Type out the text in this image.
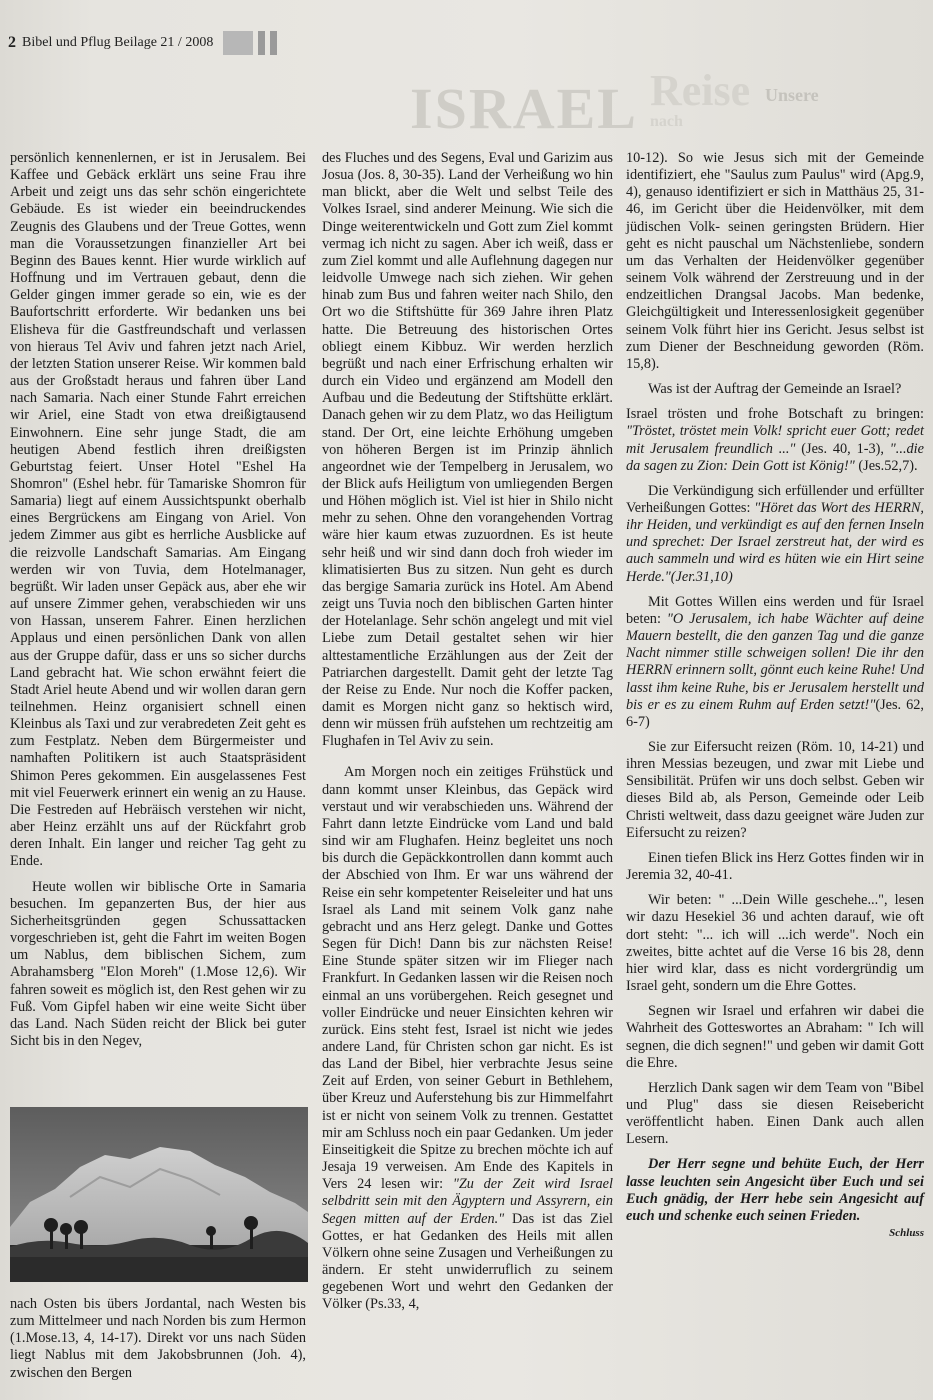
2 Bibel und Pflug Beilage 21 / 2008
ISRAEL Reise Unsere
nach

persönlich kennenlernen, er ist in Jerusalem. Bei Kaffee und Gebäck erklärt uns seine Frau ihre Arbeit und zeigt uns das sehr schön eingerichtete Gebäude. Es ist wieder ein beeindruckendes Zeugnis des Glaubens und der Treue Gottes, wenn man die Voraussetzungen finanzieller Art bei Beginn des Baues kennt. Hier wurde wirklich auf Hoffnung und im Vertrauen gebaut, denn die Gelder gingen immer gerade so ein, wie es der Baufortschritt erforderte. Wir bedanken uns bei Elisheva für die Gastfreundschaft und verlassen von hieraus Tel Aviv und fahren jetzt nach Ariel, der letzten Station unserer Reise. Wir kommen bald aus der Großstadt heraus und fahren über Land nach Samaria. Nach einer Stunde Fahrt erreichen wir Ariel, eine Stadt von etwa dreißigtausend Einwohnern. Eine sehr junge Stadt, die am heutigen Abend festlich ihren dreißigsten Geburtstag feiert. Unser Hotel "Eshel Ha Shomron" (Eshel hebr. für Tamariske Shomron für Samaria) liegt auf einem Aussichtspunkt oberhalb eines Bergrückens am Eingang von Ariel. Von jedem Zimmer aus gibt es herrliche Ausblicke auf die reizvolle Landschaft Samarias. Am Eingang werden wir von Tuvia, dem Hotelmanager, begrüßt. Wir laden unser Gepäck aus, aber ehe wir auf unsere Zimmer gehen, verabschieden wir uns von Hassan, unserem Fahrer. Einen herzlichen Applaus und einen persönlichen Dank von allen aus der Gruppe dafür, dass er uns so sicher durchs Land gebracht hat. Wie schon erwähnt feiert die Stadt Ariel heute Abend und wir wollen daran gern teilnehmen. Heinz organisiert schnell einen Kleinbus als Taxi und zur verabredeten Zeit geht es zum Festplatz. Neben dem Bürgermeister und namhaften Politikern ist auch Staatspräsident Shimon Peres gekommen. Ein ausgelassenes Fest mit viel Feuerwerk erinnert ein wenig an zu Hause. Die Festreden auf Hebräisch verstehen wir nicht, aber Heinz erzählt uns auf der Rückfahrt grob deren Inhalt. Ein langer und reicher Tag geht zu Ende.

Heute wollen wir biblische Orte in Samaria besuchen. Im gepanzerten Bus, der hier aus Sicherheitsgründen gegen Schussattacken vorgeschrieben ist, geht die Fahrt im weiten Bogen um Nablus, dem biblischen Sichem, zum Abrahamsberg "Elon Moreh" (1.Mose 12,6). Wir fahren soweit es möglich ist, den Rest gehen wir zu Fuß. Vom Gipfel haben wir eine weite Sicht über das Land. Nach Süden reicht der Blick bei guter Sicht bis in den Negev,

nach Osten bis übers Jordantal, nach Westen bis zum Mittelmeer und nach Norden bis zum Hermon (1.Mose.13, 4, 14-17). Direkt vor uns nach Süden liegt Nablus mit dem Jakobsbrunnen (Joh. 4), zwischen den Bergen

des Fluches und des Segens, Eval und Garizim aus Josua (Jos. 8, 30-35). Land der Verheißung wo hin man blickt, aber die Welt und selbst Teile des Volkes Israel, sind anderer Meinung. Wie sich die Dinge weiterentwickeln und Gott zum Ziel kommt vermag ich nicht zu sagen. Aber ich weiß, dass er zum Ziel kommt und alle Auflehnung dagegen nur leidvolle Umwege nach sich ziehen. Wir gehen hinab zum Bus und fahren weiter nach Shilo, den Ort wo die Stiftshütte für 369 Jahre ihren Platz hatte. Die Betreuung des historischen Ortes obliegt einem Kibbuz. Wir werden herzlich begrüßt und nach einer Erfrischung erhalten wir durch ein Video und ergänzend am Modell den Aufbau und die Bedeutung der Stiftshütte erklärt. Danach gehen wir zu dem Platz, wo das Heiligtum stand. Der Ort, eine leichte Erhöhung umgeben von höheren Bergen ist im Prinzip ähnlich angeordnet wie der Tempelberg in Jerusalem, wo der Blick aufs Heiligtum von umliegenden Bergen und Höhen möglich ist. Viel ist hier in Shilo nicht mehr zu sehen. Ohne den vorangehenden Vortrag wäre hier kaum etwas zuzuordnen. Es ist heute sehr heiß und wir sind dann doch froh wieder im klimatisierten Bus zu sitzen. Nun geht es durch das bergige Samaria zurück ins Hotel. Am Abend zeigt uns Tuvia noch den biblischen Garten hinter der Hotelanlage. Sehr schön angelegt und mit viel Liebe zum Detail gestaltet sehen wir hier alttestamentliche Erzählungen aus der Zeit der Patriarchen dargestellt. Damit geht der letzte Tag der Reise zu Ende. Nur noch die Koffer packen, damit es Morgen nicht ganz so hektisch wird, denn wir müssen früh aufstehen um rechtzeitig am Flughafen in Tel Aviv zu sein.

Am Morgen noch ein zeitiges Frühstück und dann kommt unser Kleinbus, das Gepäck wird verstaut und wir verabschieden uns. Während der Fahrt dann letzte Eindrücke vom Land und bald sind wir am Flughafen. Heinz begleitet uns noch bis durch die Gepäckkontrollen dann kommt auch der Abschied von Ihm. Er war uns während der Reise ein sehr kompetenter Reiseleiter und hat uns Israel als Land mit seinem Volk ganz nahe gebracht und ans Herz gelegt. Danke und Gottes Segen für Dich! Dann bis zur nächsten Reise! Eine Stunde später sitzen wir im Flieger nach Frankfurt. In Gedanken lassen wir die Reisen noch einmal an uns vorübergehen. Reich gesegnet und voller Eindrücke und neuer Einsichten kehren wir zurück. Eins steht fest, Israel ist nicht wie jedes andere Land, für Christen schon gar nicht. Es ist das Land der Bibel, hier verbrachte Jesus seine Zeit auf Erden, von seiner Geburt in Bethlehem, über Kreuz und Auferstehung bis zur Himmelfahrt ist er nicht von seinem Volk zu trennen. Gestattet mir am Schluss noch ein paar Gedanken. Um jeder Einseitigkeit die Spitze zu brechen möchte ich auf Jesaja 19 verweisen. Am Ende des Kapitels in Vers 24 lesen wir: "Zu der Zeit wird Israel selbdritt sein mit den Ägyptern und Assyrern, ein Segen mitten auf der Erden." Das ist das Ziel Gottes, er hat Gedanken des Heils mit allen Völkern ohne seine Zusagen und Verheißungen zu ändern. Er steht unwiderruflich zu seinem gegebenen Wort und wehrt den Gedanken der Völker (Ps.33, 4,

10-12). So wie Jesus sich mit der Gemeinde identifiziert, ehe "Saulus zum Paulus" wird (Apg.9, 4), genauso identifiziert er sich in Matthäus 25, 31-46, im Gericht über die Heidenvölker, mit dem jüdischen Volk- seinen geringsten Brüdern. Hier geht es nicht pauschal um Nächstenliebe, sondern um das Verhalten der Heidenvölker gegenüber seinem Volk während der Zerstreuung und in der endzeitlichen Drangsal Jacobs. Man bedenke, Gleichgültigkeit und Interessenlosigkeit gegenüber seinem Volk führt hier ins Gericht. Jesus selbst ist zum Diener der Beschneidung geworden (Röm. 15,8).

Was ist der Auftrag der Gemeinde an Israel?

Israel trösten und frohe Botschaft zu bringen: "Tröstet, tröstet mein Volk! spricht euer Gott; redet mit Jerusalem freundlich ..." (Jes. 40, 1-3), "...die da sagen zu Zion: Dein Gott ist König!" (Jes.52,7).

Die Verkündigung sich erfüllender und erfüllter Verheißungen Gottes: "Höret das Wort des HERRN, ihr Heiden, und verkündigt es auf den fernen Inseln und sprechet: Der Israel zerstreut hat, der wird es auch sammeln und wird es hüten wie ein Hirt seine Herde."(Jer.31,10)

Mit Gottes Willen eins werden und für Israel beten: "O Jerusalem, ich habe Wächter auf deine Mauern bestellt, die den ganzen Tag und die ganze Nacht nimmer stille schweigen sollen! Die ihr den HERRN erinnern sollt, gönnt euch keine Ruhe! Und lasst ihm keine Ruhe, bis er Jerusalem herstellt und bis er es zu einem Ruhm auf Erden setzt!"(Jes. 62, 6-7)

Sie zur Eifersucht reizen (Röm. 10, 14-21) und ihren Messias bezeugen, und zwar mit Liebe und Sensibilität. Prüfen wir uns doch selbst. Geben wir dieses Bild ab, als Person, Gemeinde oder Leib Christi weltweit, dass dazu geeignet wäre Juden zur Eifersucht zu reizen?

Einen tiefen Blick ins Herz Gottes finden wir in Jeremia 32, 40-41.

Wir beten: " ...Dein Wille geschehe...", lesen wir dazu Hesekiel 36 und achten darauf, wie oft dort steht: "... ich will ...ich werde". Noch ein zweites, bitte achtet auf die Verse 16 bis 28, denn hier wird klar, dass es nicht vordergründig um Israel geht, sondern um die Ehre Gottes.

Segnen wir Israel und erfahren wir dabei die Wahrheit des Gotteswortes an Abraham: " Ich will segnen, die dich segnen!" und geben wir damit Gott die Ehre.

Herzlich Dank sagen wir dem Team von "Bibel und Plug" dass sie diesen Reisebericht veröffentlicht haben. Einen Dank auch allen Lesern.

Der Herr segne und behüte Euch, der Herr lasse leuchten sein Angesicht über Euch und sei Euch gnädig, der Herr hebe sein Angesicht auf euch und schenke euch seinen Frieden.

Schluss
